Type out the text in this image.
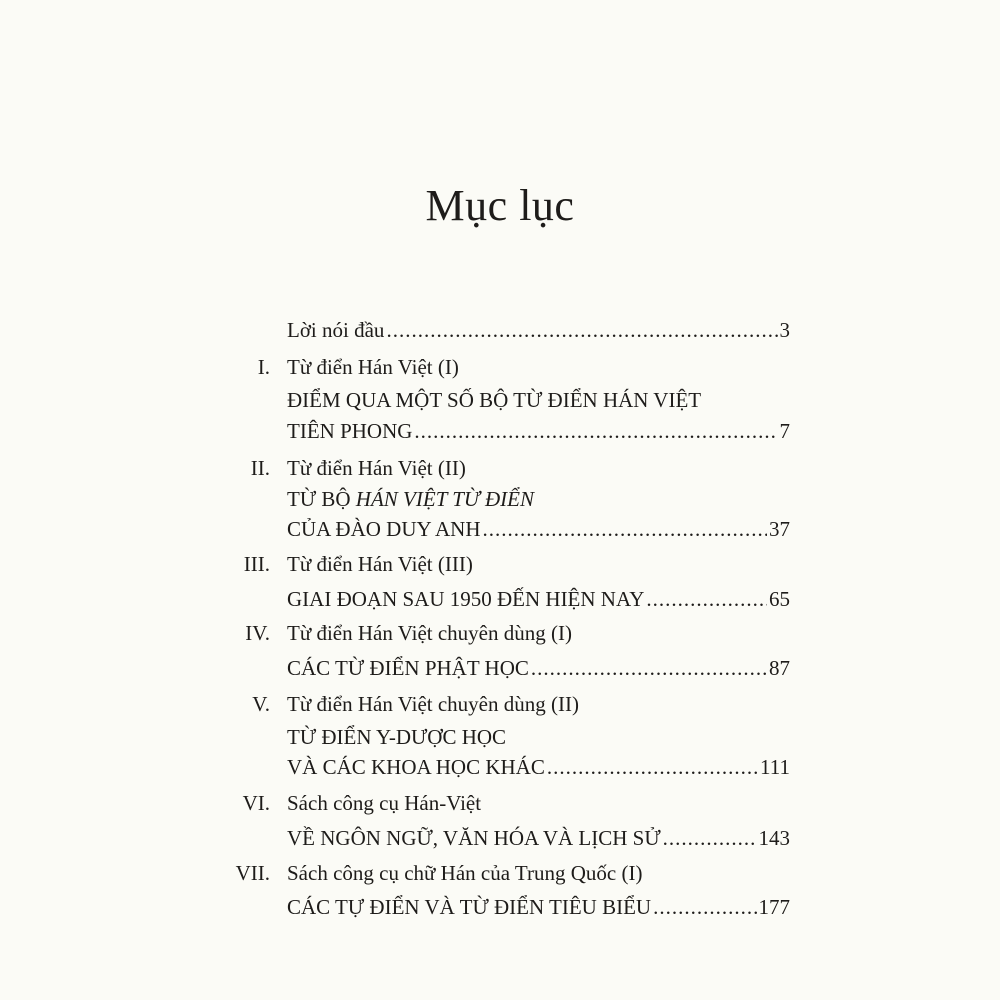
Mục lục
Lời nói đầu .....	3
I. Từ điển Hán Việt (I)
ĐIỂM QUA MỘT SỐ BỘ TỪ ĐIỂN HÁN VIỆT
TIÊN PHONG .....	7
II. Từ điển Hán Việt (II)
TỪ BỘ HÁN VIỆT TỪ ĐIỂN
CỦA ĐÀO DUY ANH .....	37
III. Từ điển Hán Việt (III)
GIAI ĐOẠN SAU 1950 ĐẾN HIỆN NAY .....	65
IV. Từ điển Hán Việt chuyên dùng (I)
CÁC TỪ ĐIỂN PHẬT HỌC .....	87
V. Từ điển Hán Việt chuyên dùng (II)
TỪ ĐIỂN Y-DƯỢC HỌC
VÀ CÁC KHOA HỌC KHÁC .....	111
VI. Sách công cụ Hán-Việt
VỀ NGÔN NGỮ, VĂN HÓA VÀ LỊCH SỬ .....	143
VII. Sách công cụ chữ Hán của Trung Quốc (I)
CÁC TỰ ĐIỂN VÀ TỪ ĐIỂN TIÊU BIỂU .....	177
